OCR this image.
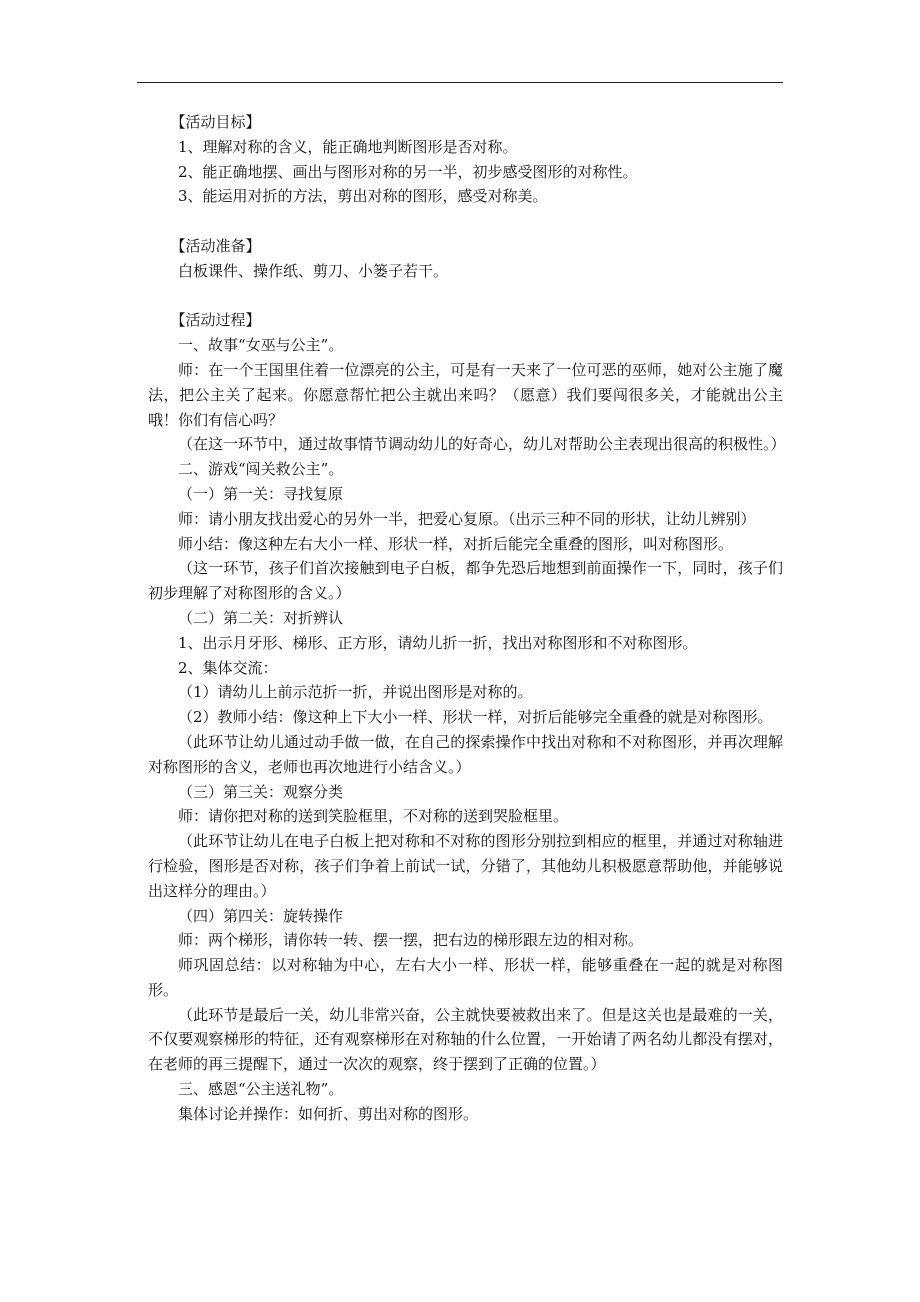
【活动目标】

1、理解对称的含义，能正确地判断图形是否对称。

2、能正确地摆、画出与图形对称的另一半，初步感受图形的对称性。

3、能运用对折的方法，剪出对称的图形，感受对称美。

【活动准备】

白板课件、操作纸、剪刀、小篓子若干。

【活动过程】

一、故事“女巫与公主”。

师：在一个王国里住着一位漂亮的公主，可是有一天来了一位可恶的巫师，她对公主施了魔法，把公主关了起来。你愿意帮忙把公主就出来吗？（愿意）我们要闯很多关，才能就出公主哦！你们有信心吗？

（在这一环节中，通过故事情节调动幼儿的好奇心，幼儿对帮助公主表现出很高的积极性。）

二、游戏“闯关救公主”。

（一）第一关：寻找复原

师：请小朋友找出爱心的另外一半，把爱心复原。（出示三种不同的形状，让幼儿辨别）

师小结：像这种左右大小一样、形状一样，对折后能完全重叠的图形，叫对称图形。

（这一环节，孩子们首次接触到电子白板，都争先恐后地想到前面操作一下，同时，孩子们初步理解了对称图形的含义。）

（二）第二关：对折辨认

1、出示月牙形、梯形、正方形，请幼儿折一折，找出对称图形和不对称图形。

2、集体交流：

（1）请幼儿上前示范折一折，并说出图形是对称的。

（2）教师小结：像这种上下大小一样、形状一样，对折后能够完全重叠的就是对称图形。

（此环节让幼儿通过动手做一做，在自己的探索操作中找出对称和不对称图形，并再次理解对称图形的含义，老师也再次地进行小结含义。）

（三）第三关：观察分类

师：请你把对称的送到笑脸框里，不对称的送到哭脸框里。

（此环节让幼儿在电子白板上把对称和不对称的图形分别拉到相应的框里，并通过对称轴进行检验，图形是否对称，孩子们争着上前试一试，分错了，其他幼儿积极愿意帮助他，并能够说出这样分的理由。）

（四）第四关：旋转操作

师：两个梯形，请你转一转、摆一摆，把右边的梯形跟左边的相对称。

师巩固总结：以对称轴为中心，左右大小一样、形状一样，能够重叠在一起的就是对称图形。

（此环节是最后一关，幼儿非常兴奋，公主就快要被救出来了。但是这关也是最难的一关，不仅要观察梯形的特征，还有观察梯形在对称轴的什么位置，一开始请了两名幼儿都没有摆对，在老师的再三提醒下，通过一次次的观察，终于摆到了正确的位置。）

三、感恩“公主送礼物”。

集体讨论并操作：如何折、剪出对称的图形。
